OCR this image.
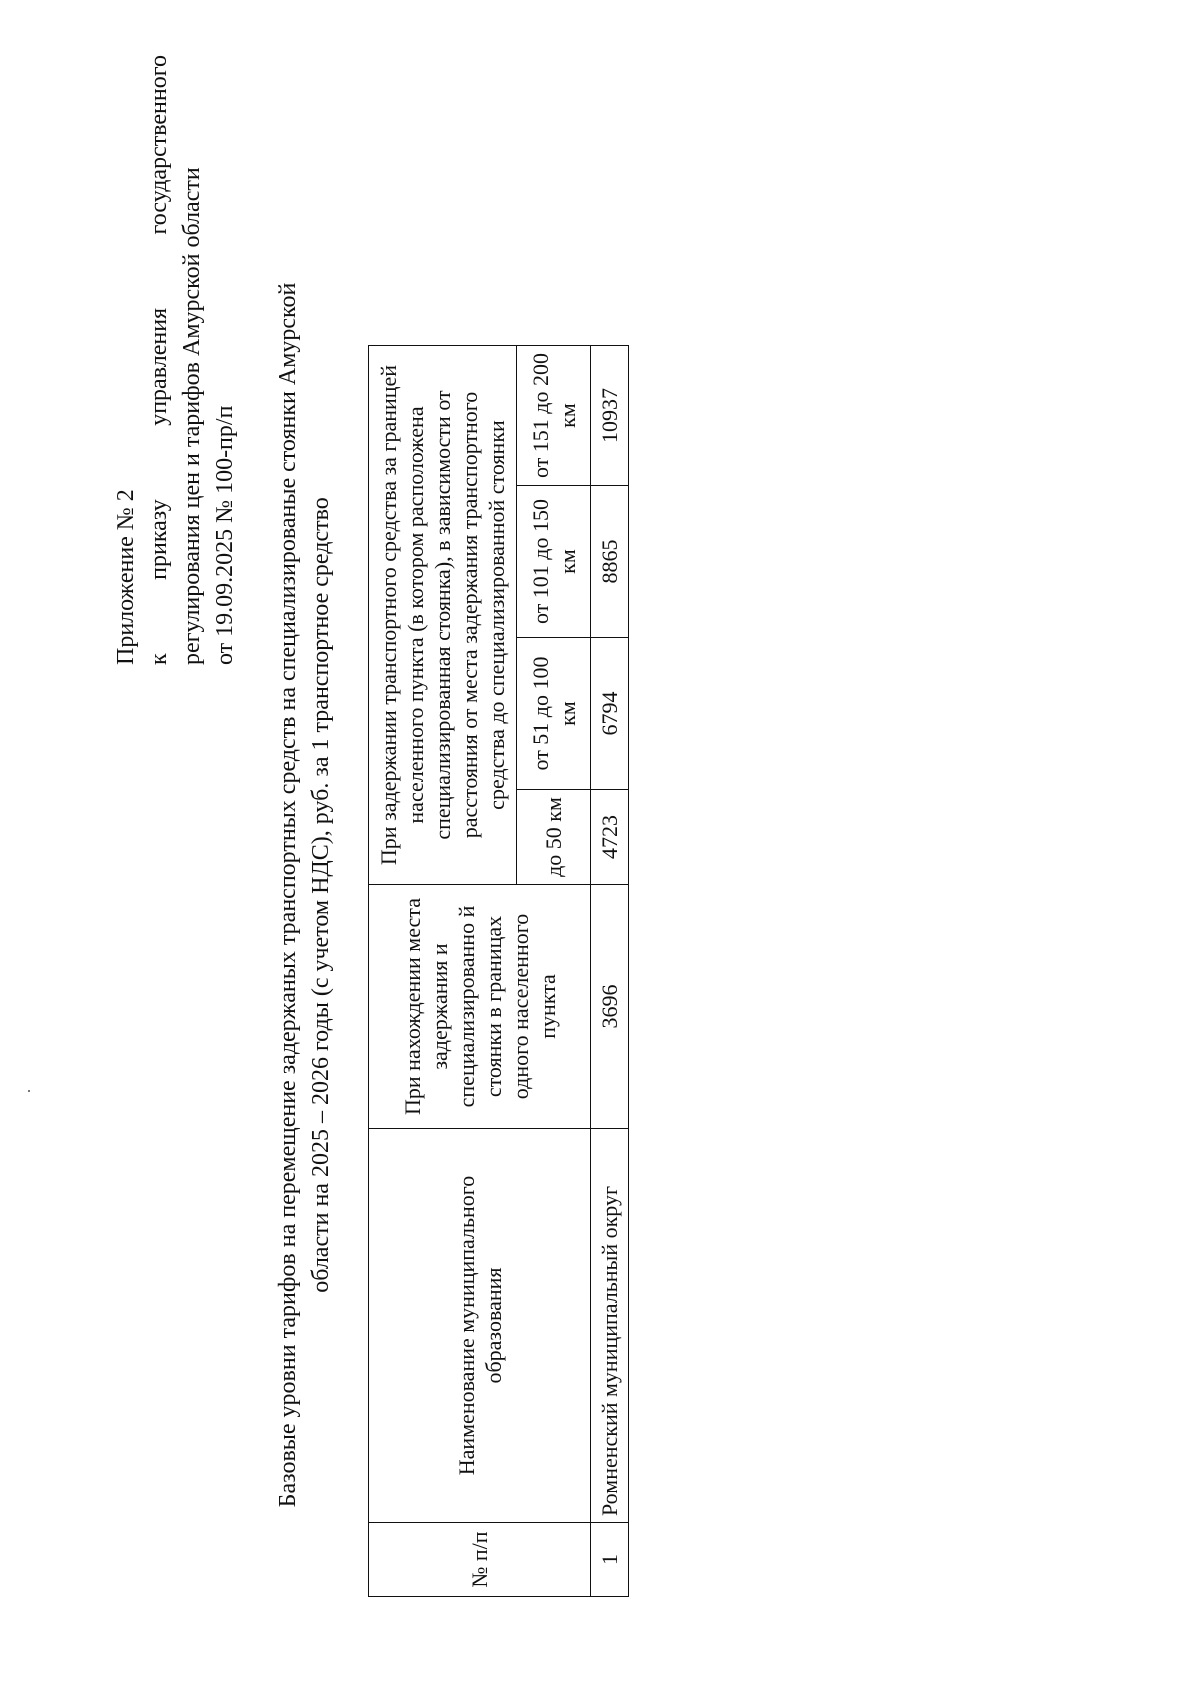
Приложение № 2 к приказу управления государственного регулирования цен и тарифов Амурской области от 19.09.2025 № 100-пр/п Базовые уровни тарифов на перемещение задержаных транспортных средств на специализированые стоянки Амурской области на 2025 – 2026 годы (с учетом НДС), руб. за 1 транспортное средство
№ п/п	Наименование муниципального образования	При нахождении места задержания и специализированно й стоянки в границах одного населенного пункта	При задержании транспортного средства за границей населенного пункта (в котором расположена специализированная стоянка), в зависимости от расстояния от места задержания транспортного средства до специализированной стоянки			
			до 50 км	от 51 до 100 км	от 101 до 150 км	от 151 до 200 км
1	Ромненский муниципальный округ	3696	4723	6794	8865	10937
